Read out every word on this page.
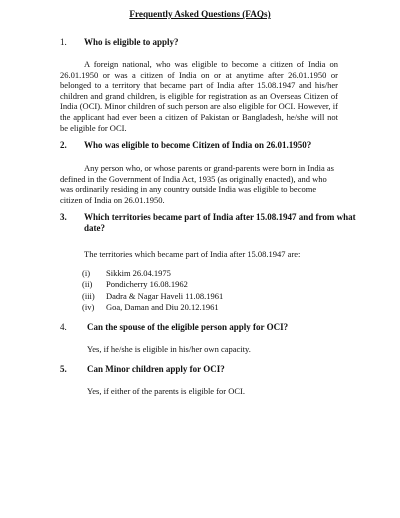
Frequently Asked Questions (FAQs)
1.	Who is eligible to apply?
A foreign national, who was eligible to become a citizen of India on 26.01.1950 or was a citizen of India on or at anytime after 26.01.1950 or belonged to a territory that became part of India after 15.08.1947 and his/her children and grand children, is eligible for registration as an Overseas Citizen of India (OCI). Minor children of such person are also eligible for OCI. However, if the applicant had ever been a citizen of Pakistan or Bangladesh, he/she will not be eligible for OCI.
2.	Who was eligible to become Citizen of India on 26.01.1950?
Any person who, or whose parents or grand-parents were born in India as defined in the Government of India Act, 1935 (as originally enacted), and who was ordinarily residing in any country outside India was eligible to become citizen of India on 26.01.1950.
3.	Which territories became part of India after 15.08.1947 and from what date?
The territories which became part of India after 15.08.1947 are:
(i) Sikkim 26.04.1975
(ii) Pondicherry 16.08.1962
(iii) Dadra & Nagar Haveli 11.08.1961
(iv) Goa, Daman and Diu 20.12.1961
4.	Can the spouse of the eligible person apply for OCI?
Yes, if he/she is eligible in his/her own capacity.
5.	Can Minor children apply for OCI?
Yes, if either of the parents is eligible for OCI.
